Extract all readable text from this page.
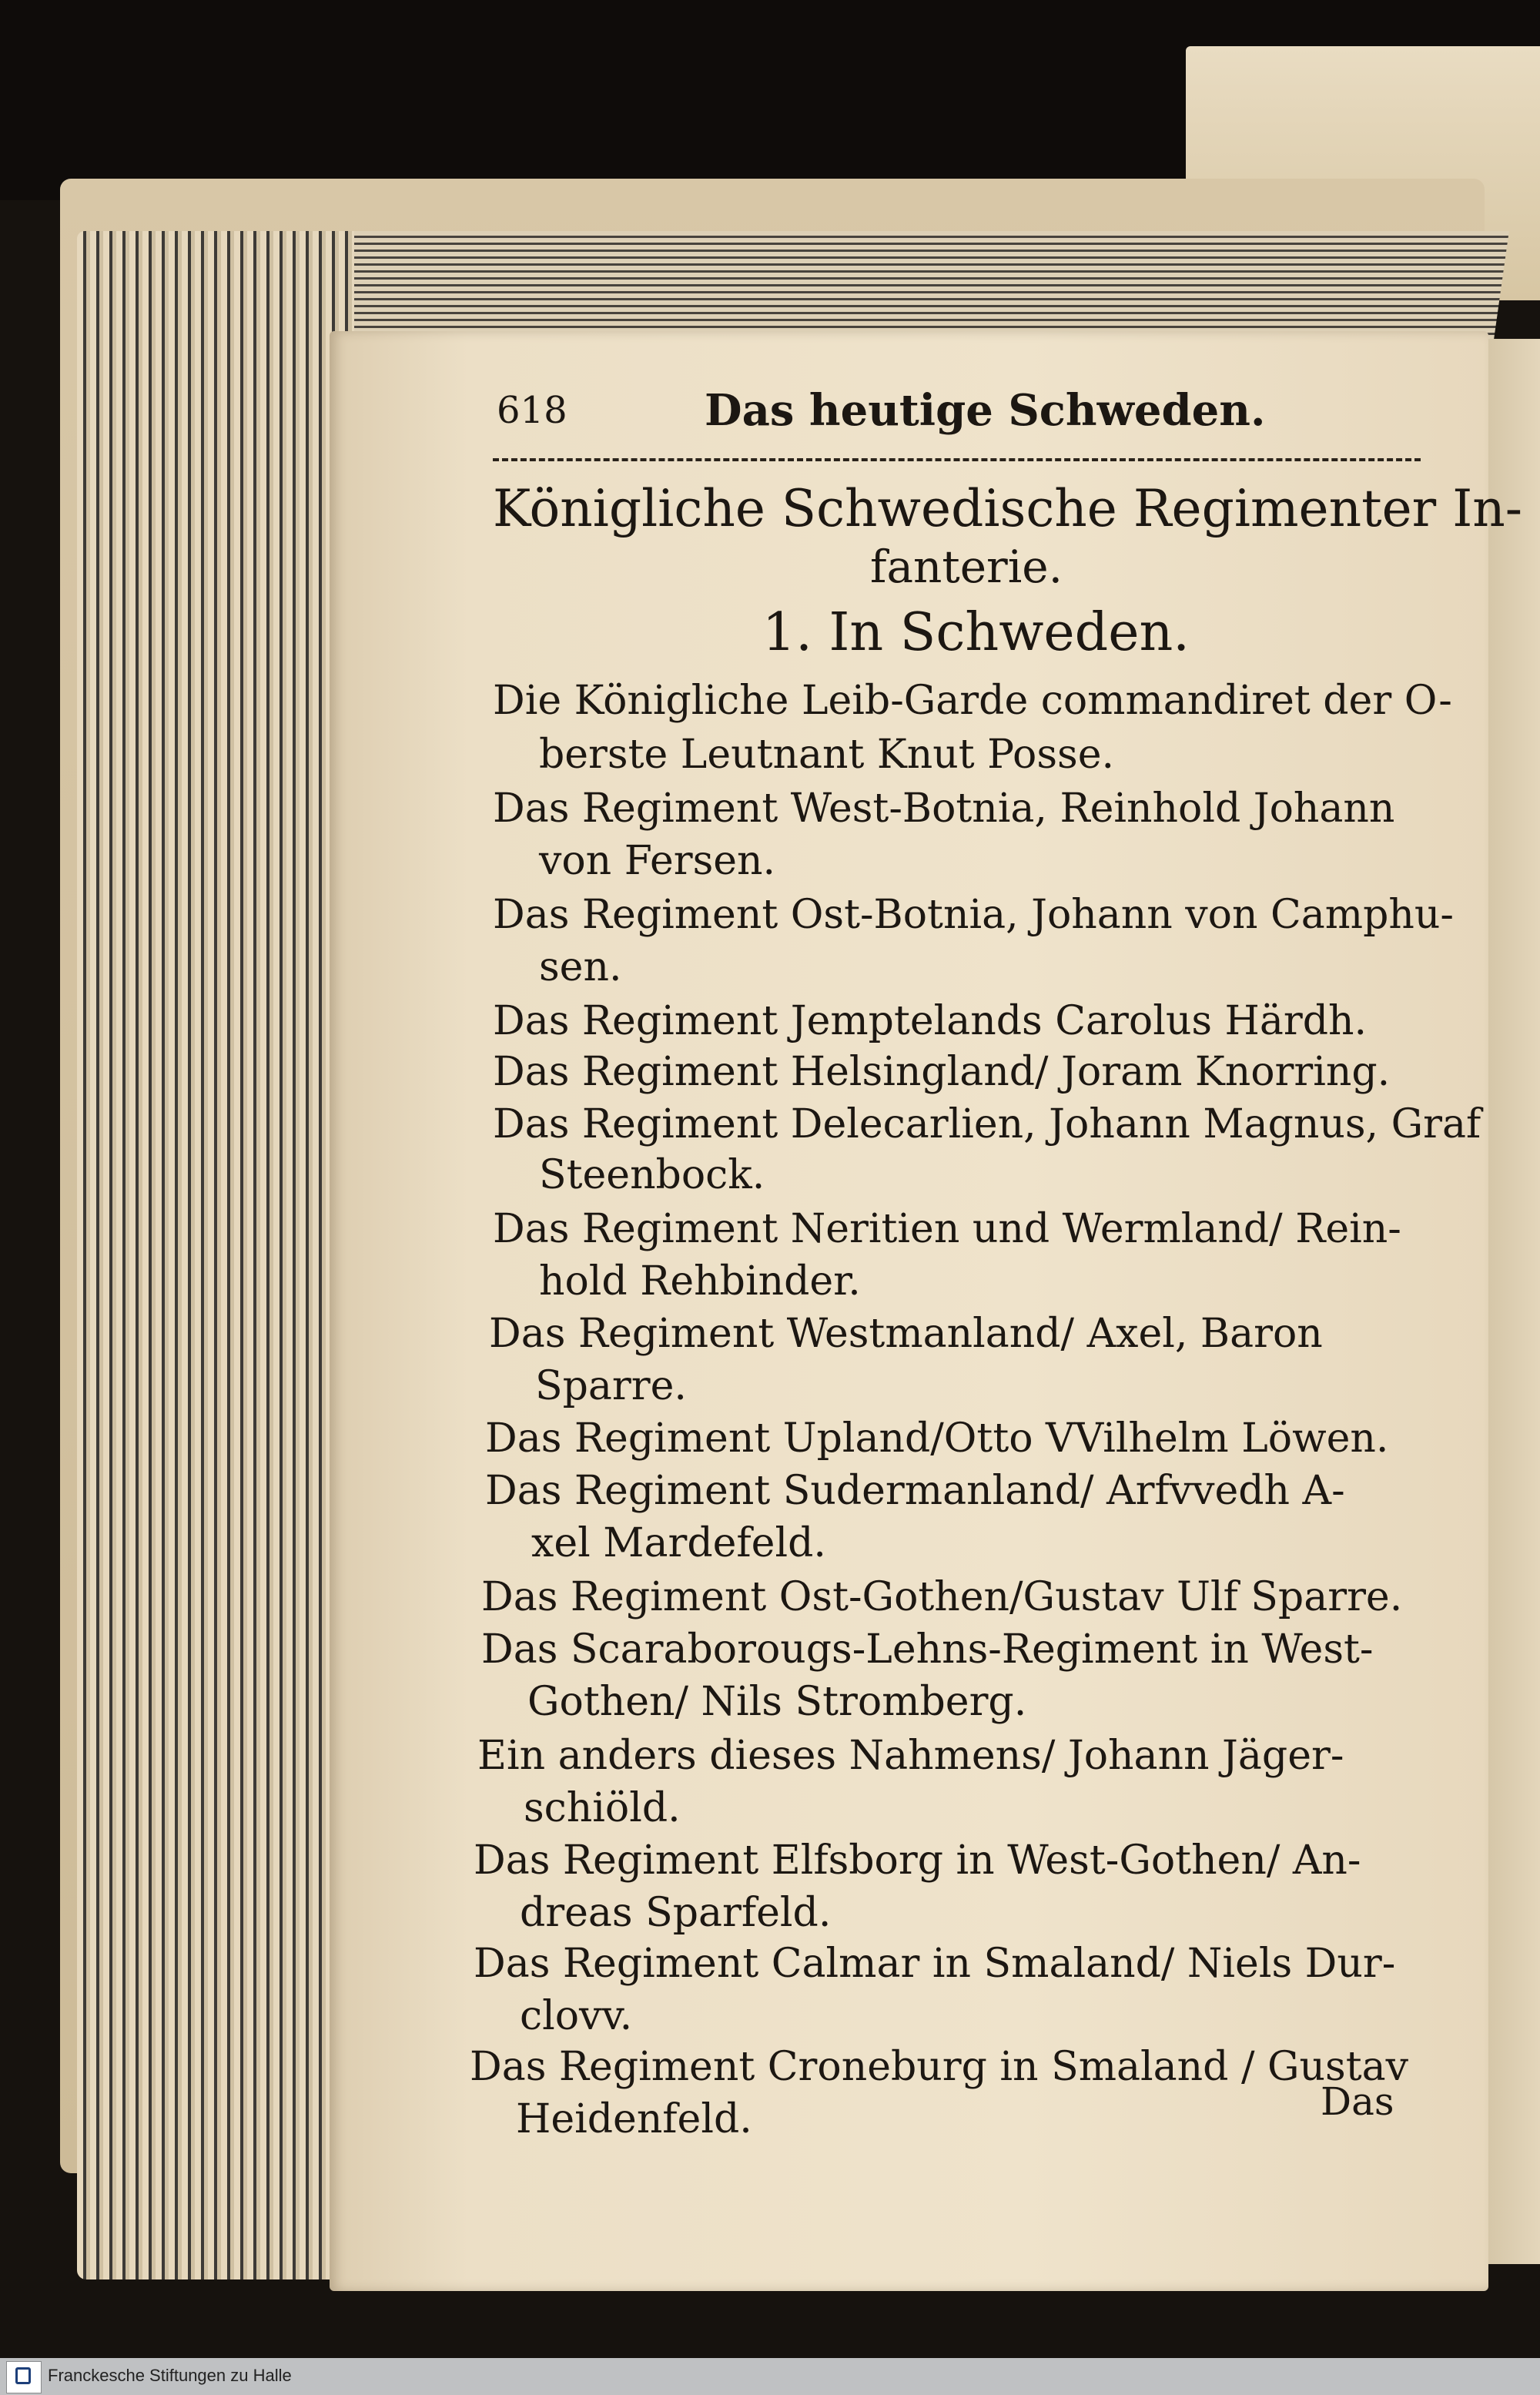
618	Das heutige Schweden.
Königliche Schwedische Regimenter In-
fanterie.
1. In Schweden.
Die Königliche Leib-Garde commandiret der O-
berste Leutnant Knut Posse.
Das Regiment West-Botnia, Reinhold Johann
von Fersen.
Das Regiment Ost-Botnia, Johann von Camphu-
sen.
Das Regiment Jemptelands Carolus Härdh.
Das Regiment Helsingland/ Joram Knorring.
Das Regiment Delecarlien, Johann Magnus, Graf
Steenbock.
Das Regiment Neritien und Wermland/ Rein-
hold Rehbinder.
Das Regiment Westmanland/ Axel, Baron
Sparre.
Das Regiment Upland/Otto VVilhelm Löwen.
Das Regiment Sudermanland/ Arfvvedh A-
xel Mardefeld.
Das Regiment Ost-Gothen/Gustav Ulf Sparre.
Das Scaraborougs-Lehns-Regiment in West-
Gothen/ Nils Stromberg.
Ein anders dieses Nahmens/ Johann Jäger-
schiöld.
Das Regiment Elfsborg in West-Gothen/ An-
dreas Sparfeld.
Das Regiment Calmar in Smaland/ Niels Dur-
clovv.
Das Regiment Croneburg in Smaland / Gustav
Heidenfeld.	Das
Franckesche Stiftungen zu Halle
